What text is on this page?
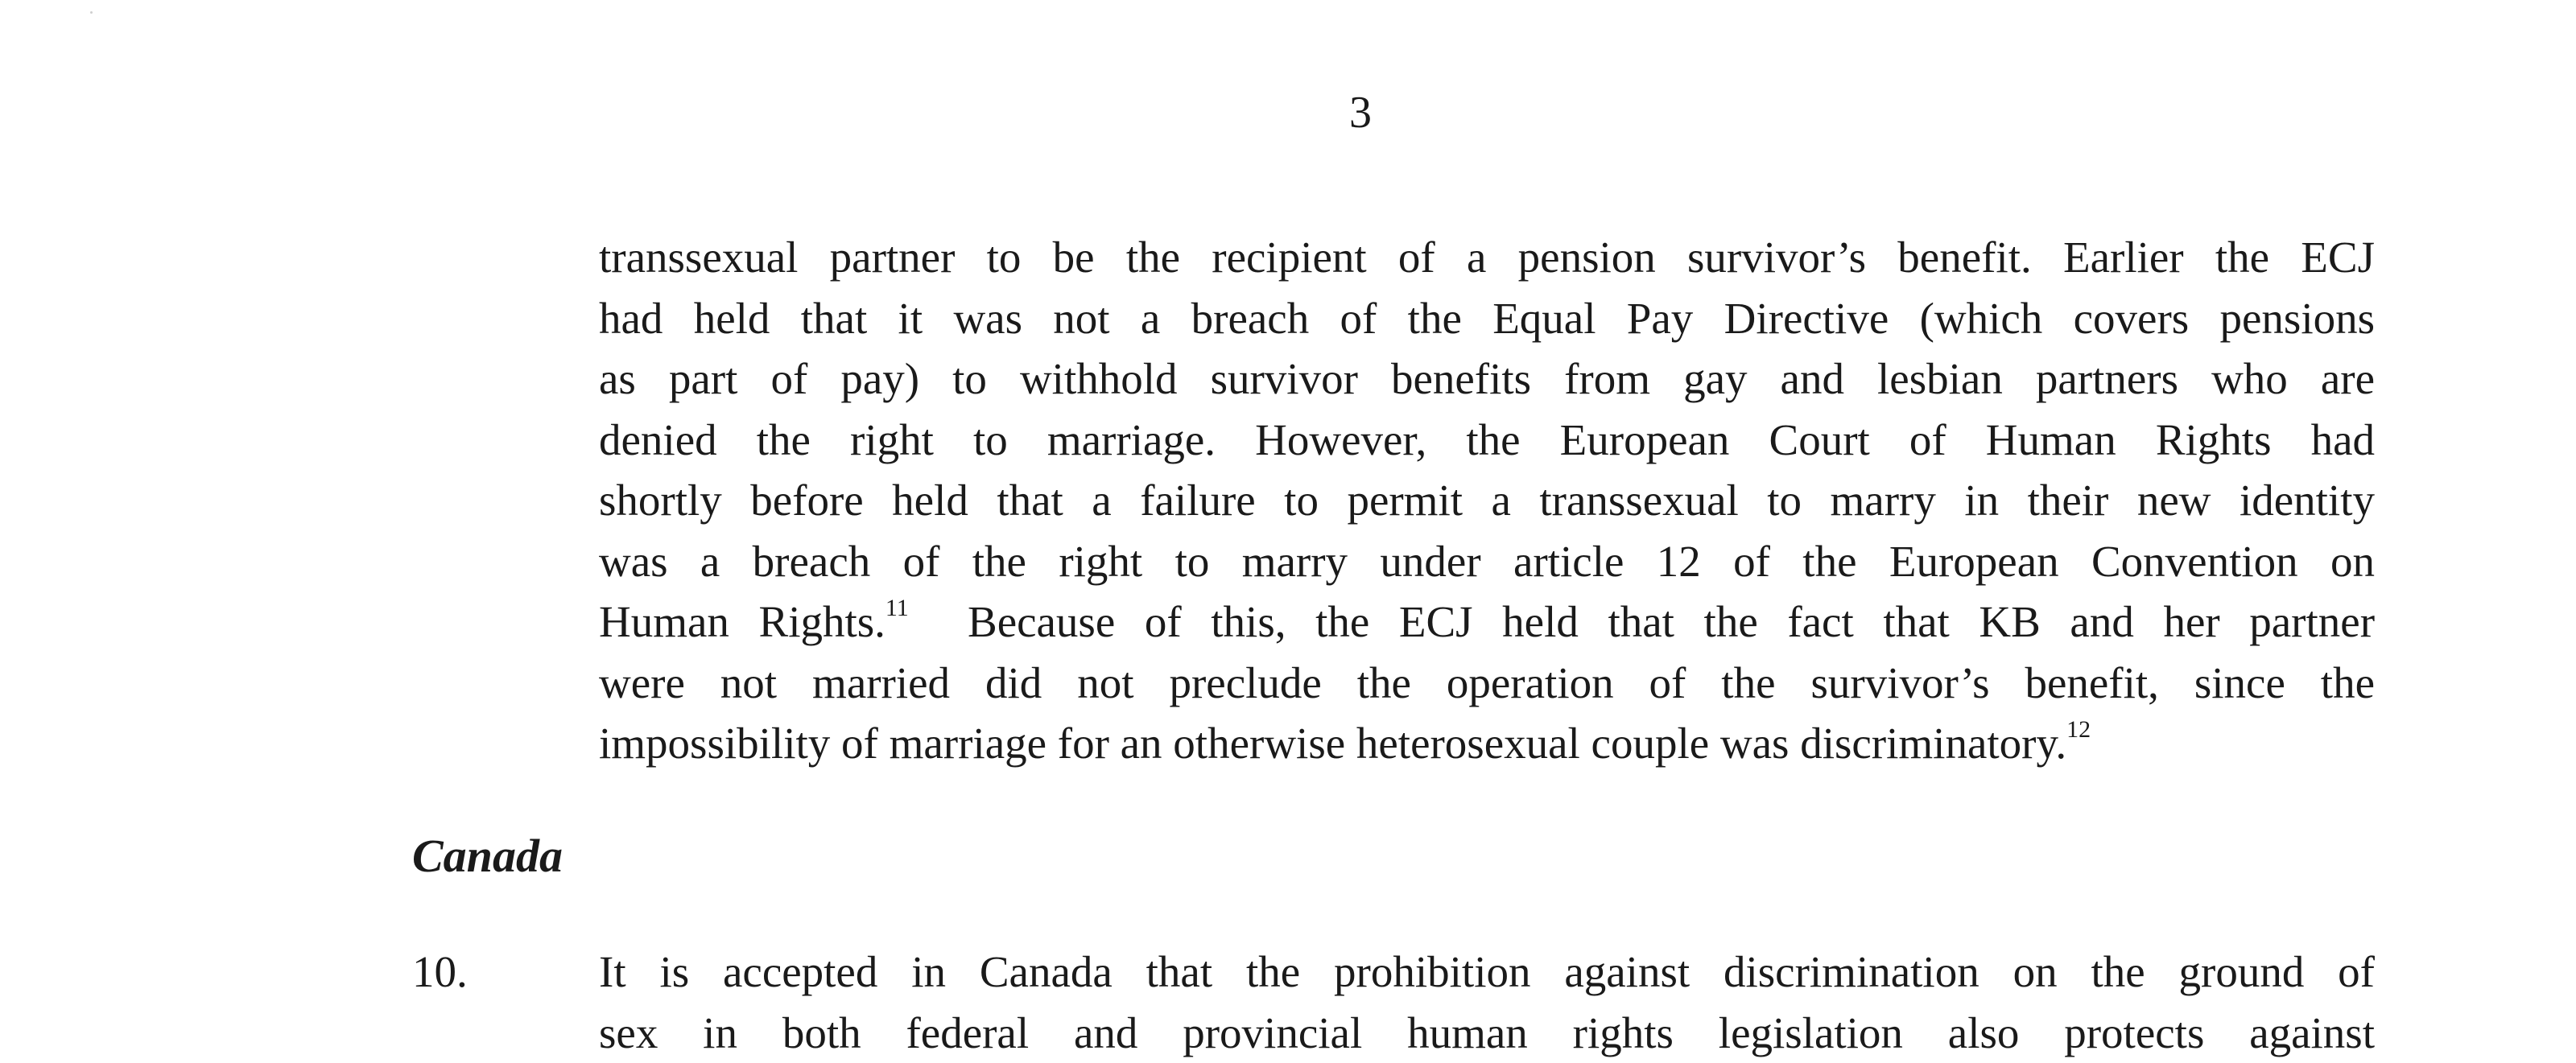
3
transsexual partner to be the recipient of a pension survivor’s benefit. Earlier the ECJ
had held that it was not a breach of the Equal Pay Directive (which covers pensions
as part of pay) to withhold survivor benefits from gay and lesbian partners who are
denied the right to marriage. However, the European Court of Human Rights had
shortly before held that a failure to permit a transsexual to marry in their new identity
was a breach of the right to marry under article 12 of the European Convention on
Human Rights.$^{11}$  Because of this, the ECJ held that the fact that KB and her partner
were not married did not preclude the operation of the survivor’s benefit, since the
impossibility of marriage for an otherwise heterosexual couple was discriminatory.$^{12}$
Canada
10.	It is accepted in Canada that the prohibition against discrimination on the ground of
sex in both federal and provincial human rights legislation also protects against
